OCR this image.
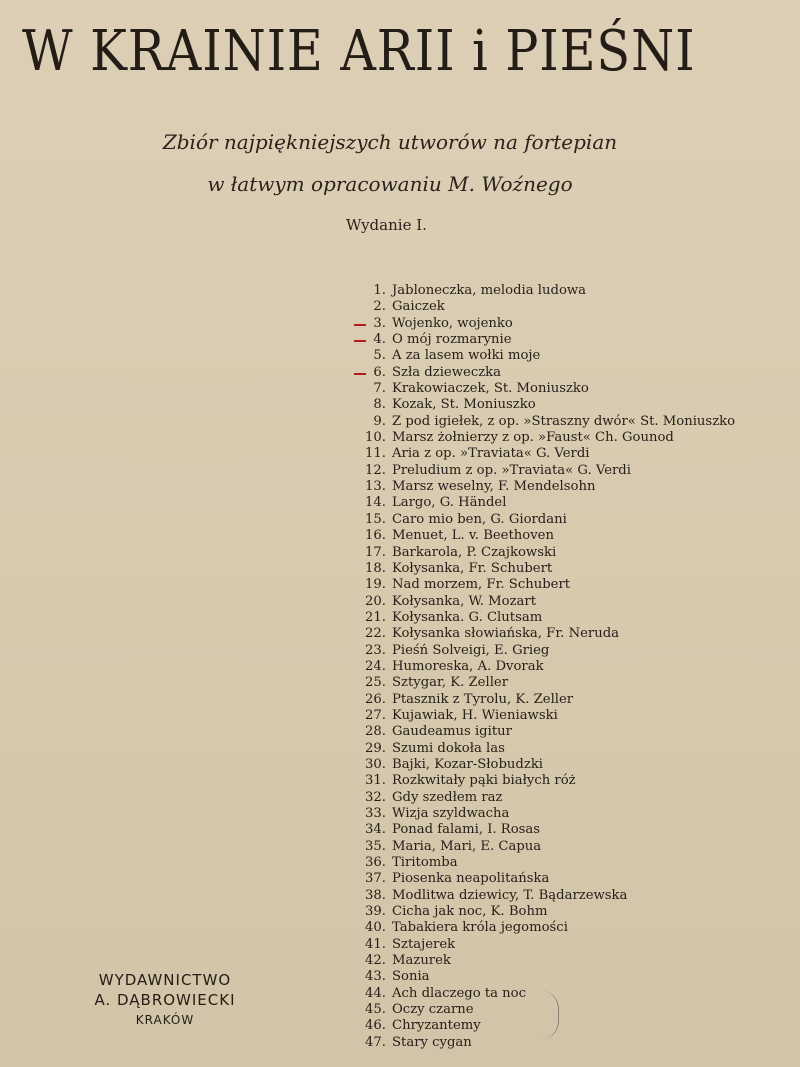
W KRAINIE ARII i PIEŚNI
Zbiór najpiękniejszych utworów na fortepian
w łatwym opracowaniu M. Woźnego
Wydanie I.
1. Jabloneczka, melodia ludowa
2. Gaiczek
3. Wojenko, wojenko
4. O mój rozmarynie
5. A za lasem wołki moje
6. Szła dzieweczka
7. Krakowiaczek, St. Moniuszko
8. Kozak, St. Moniuszko
9. Z pod igiełek, z op. »Straszny dwór« St. Moniuszko
10. Marsz żołnierzy z op. »Faust« Ch. Gounod
11. Aria z op. »Traviata« G. Verdi
12. Preludium z op. »Traviata« G. Verdi
13. Marsz weselny, F. Mendelsohn
14. Largo, G. Händel
15. Caro mio ben, G. Giordani
16. Menuet, L. v. Beethoven
17. Barkarola, P. Czajkowski
18. Kołysanka, Fr. Schubert
19. Nad morzem, Fr. Schubert
20. Kołysanka, W. Mozart
21. Kołysanka. G. Clutsam
22. Kołysanka słowiańska, Fr. Neruda
23. Pieśń Solveigi, E. Grieg
24. Humoreska, A. Dvorak
25. Sztygar, K. Zeller
26. Ptasznik z Tyrolu, K. Zeller
27. Kujawiak, H. Wieniawski
28. Gaudeamus igitur
29. Szumi dokoła las
30. Bajki, Kozar-Słobudzki
31. Rozkwitały pąki białych róż
32. Gdy szedłem raz
33. Wizja szyldwacha
34. Ponad falami, I. Rosas
35. Maria, Mari, E. Capua
36. Tiritomba
37. Piosenka neapolitańska
38. Modlitwa dziewicy, T. Bądarzewska
39. Cicha jak noc, K. Bohm
40. Tabakiera króla jegomości
41. Sztajerek
42. Mazurek
43. Sonia
44. Ach dlaczego ta noc
45. Oczy czarne
46. Chryzantemy
47. Stary cygan
WYDAWNICTWO
A. DĄBROWIECKI
KRAKÓW
